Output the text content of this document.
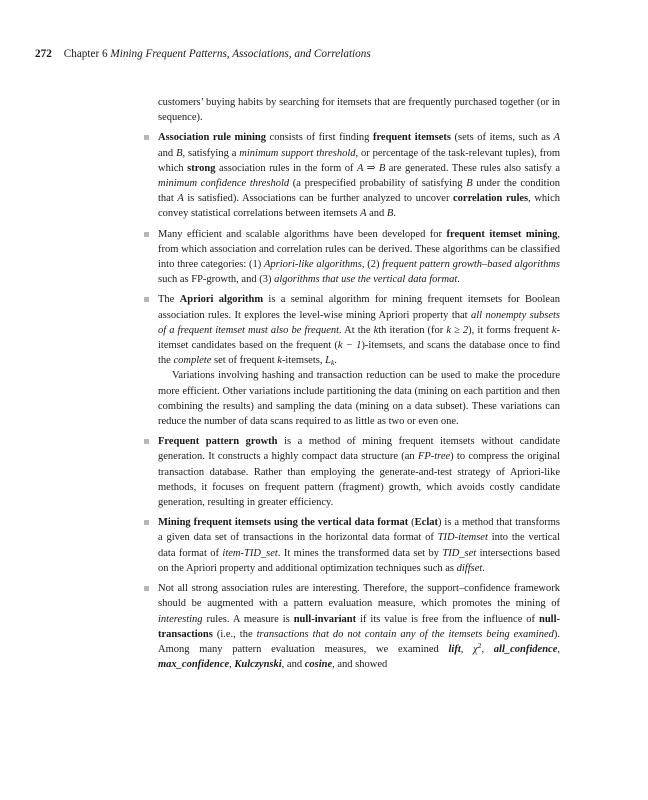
272 Chapter 6 Mining Frequent Patterns, Associations, and Correlations

customers’ buying habits by searching for itemsets that are frequently purchased together (or in sequence).

Association rule mining consists of first finding frequent itemsets (sets of items, such as A and B, satisfying a minimum support threshold, or percentage of the task-relevant tuples), from which strong association rules in the form of A ⇒ B are generated. These rules also satisfy a minimum confidence threshold (a prespecified probability of satisfying B under the condition that A is satisfied). Associations can be further analyzed to uncover correlation rules, which convey statistical correlations between itemsets A and B.

Many efficient and scalable algorithms have been developed for frequent itemset mining, from which association and correlation rules can be derived. These algorithms can be classified into three categories: (1) Apriori-like algorithms, (2) frequent pattern growth–based algorithms such as FP-growth, and (3) algorithms that use the vertical data format.

The Apriori algorithm is a seminal algorithm for mining frequent itemsets for Boolean association rules. It explores the level-wise mining Apriori property that all nonempty subsets of a frequent itemset must also be frequent. At the kth iteration (for k ≥ 2), it forms frequent k-itemset candidates based on the frequent (k − 1)-itemsets, and scans the database once to find the complete set of frequent k-itemsets, $L_k$.

Variations involving hashing and transaction reduction can be used to make the procedure more efficient. Other variations include partitioning the data (mining on each partition and then combining the results) and sampling the data (mining on a data subset). These variations can reduce the number of data scans required to as little as two or even one.

Frequent pattern growth is a method of mining frequent itemsets without candidate generation. It constructs a highly compact data structure (an FP-tree) to compress the original transaction database. Rather than employing the generate-and-test strategy of Apriori-like methods, it focuses on frequent pattern (fragment) growth, which avoids costly candidate generation, resulting in greater efficiency.

Mining frequent itemsets using the vertical data format (Eclat) is a method that transforms a given data set of transactions in the horizontal data format of TID-itemset into the vertical data format of item-TID_set. It mines the transformed data set by TID_set intersections based on the Apriori property and additional optimization techniques such as diffset.

Not all strong association rules are interesting. Therefore, the support–confidence framework should be augmented with a pattern evaluation measure, which promotes the mining of interesting rules. A measure is null-invariant if its value is free from the influence of null-transactions (i.e., the transactions that do not contain any of the itemsets being examined). Among many pattern evaluation measures, we examined lift, $\chi^2$, all_confidence, max_confidence, Kulczynski, and cosine, and showed
